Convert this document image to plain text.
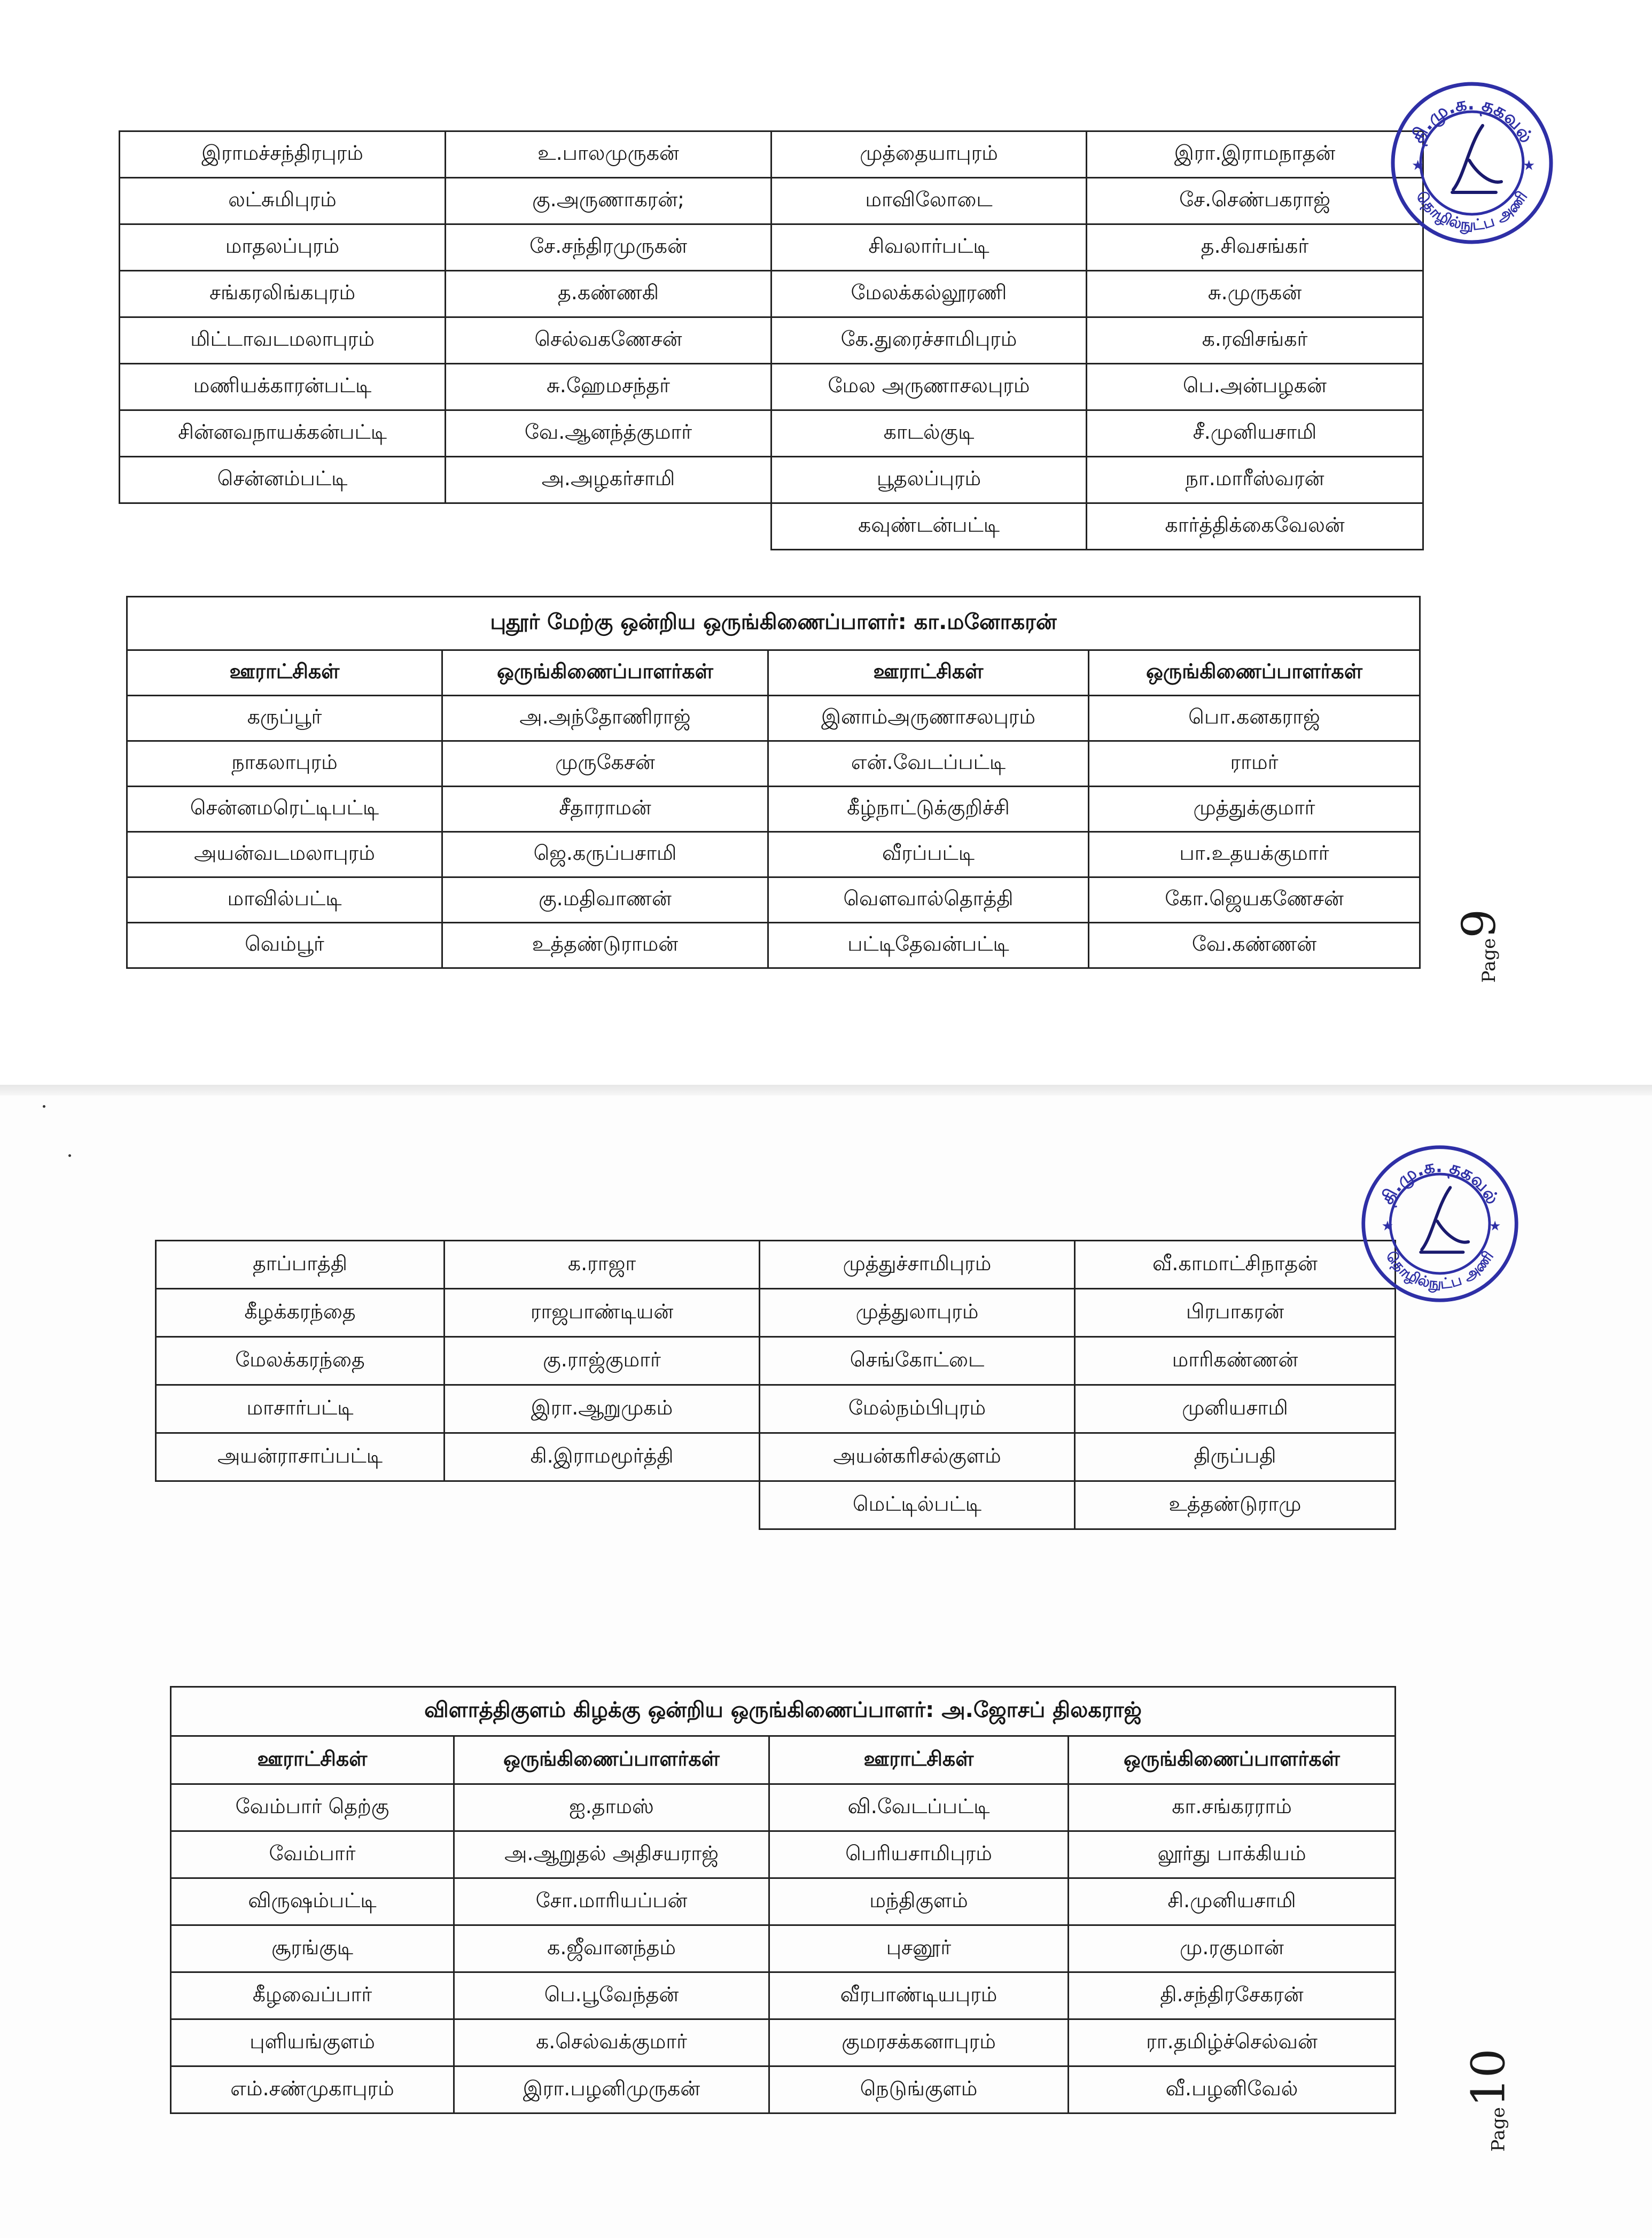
இராமச்சந்திரபுரம்	உ.பாலமுருகன்	முத்தையாபுரம்	இரா.இராமநாதன்
லட்சுமிபுரம்	கு.அருணாகரன்;	மாவிலோடை	சே.செண்பகராஜ்
மாதலப்புரம்	சே.சந்திரமுருகன்	சிவலார்பட்டி	த.சிவசங்கர்
சங்கரலிங்கபுரம்	த.கண்ணகி	மேலக்கல்லூரணி	சு.முருகன்
மிட்டாவடமலாபுரம்	செல்வகணேசன்	கே.துரைச்சாமிபுரம்	க.ரவிசங்கர்
மணியக்காரன்பட்டி	சு.ஹேமசந்தர்	மேல அருணாசலபுரம்	பெ.அன்பழகன்
சின்னவநாயக்கன்பட்டி	வே.ஆனந்த்குமார்	காடல்குடி	சீ.முனியசாமி
சென்னம்பட்டி	அ.அழகர்சாமி	பூதலப்புரம்	நா.மாரீஸ்வரன்
		கவுண்டன்பட்டி	கார்த்திக்கைவேலன்
புதூர் மேற்கு ஒன்றிய ஒருங்கிணைப்பாளர்: கா.மனோகரன்			
ஊராட்சிகள்	ஒருங்கிணைப்பாளர்கள்	ஊராட்சிகள்	ஒருங்கிணைப்பாளர்கள்
கருப்பூர்	அ.அந்தோணிராஜ்	இனாம்அருணாசலபுரம்	பொ.கனகராஜ்
நாகலாபுரம்	முருகேசன்	என்.வேடப்பட்டி	ராமர்
சென்னமரெட்டிபட்டி	சீதாராமன்	கீழ்நாட்டுக்குறிச்சி	முத்துக்குமார்
அயன்வடமலாபுரம்	ஜெ.கருப்பசாமி	வீரப்பட்டி	பா.உதயக்குமார்
மாவில்பட்டி	கு.மதிவாணன்	வெளவால்தொத்தி	கோ.ஜெயகணேசன்
வெம்பூர்	உத்தண்டுராமன்	பட்டிதேவன்பட்டி	வே.கண்ணன்	Page9
தி.மு.க. தகவல்
தொழில்நுட்ப அணி
★	★
தாப்பாத்தி	க.ராஜா	முத்துச்சாமிபுரம்	வீ.காமாட்சிநாதன்
கீழக்கரந்தை	ராஜபாண்டியன்	முத்துலாபுரம்	பிரபாகரன்
மேலக்கரந்தை	கு.ராஜ்குமார்	செங்கோட்டை	மாரிகண்ணன்
மாசார்பட்டி	இரா.ஆறுமுகம்	மேல்நம்பிபுரம்	முனியசாமி
அயன்ராசாப்பட்டி	கி.இராமமூர்த்தி	அயன்கரிசல்குளம்	திருப்பதி
		மெட்டில்பட்டி	உத்தண்டுராமு
விளாத்திகுளம் கிழக்கு ஒன்றிய ஒருங்கிணைப்பாளர்: அ.ஜோசப் திலகராஜ்			
ஊராட்சிகள்	ஒருங்கிணைப்பாளர்கள்	ஊராட்சிகள்	ஒருங்கிணைப்பாளர்கள்
வேம்பார் தெற்கு	ஐ.தாமஸ்	வி.வேடப்பட்டி	கா.சங்கரராம்
வேம்பார்	அ.ஆறுதல் அதிசயராஜ்	பெரியசாமிபுரம்	லூர்து பாக்கியம்
விருஷம்பட்டி	சோ.மாரியப்பன்	மந்திகுளம்	சி.முனியசாமி
சூரங்குடி	க.ஜீவானந்தம்	புசனூர்	மு.ரகுமான்
கீழவைப்பார்	பெ.பூவேந்தன்	வீரபாண்டியபுரம்	தி.சந்திரசேகரன்
புளியங்குளம்	க.செல்வக்குமார்	குமரசக்கனாபுரம்	ரா.தமிழ்ச்செல்வன்
எம்.சண்முகாபுரம்	இரா.பழனிமுருகன்	நெடுங்குளம்	வீ.பழனிவேல்
Page10
தி.மு.க. தகவல்
தொழில்நுட்ப அணி
★	★
